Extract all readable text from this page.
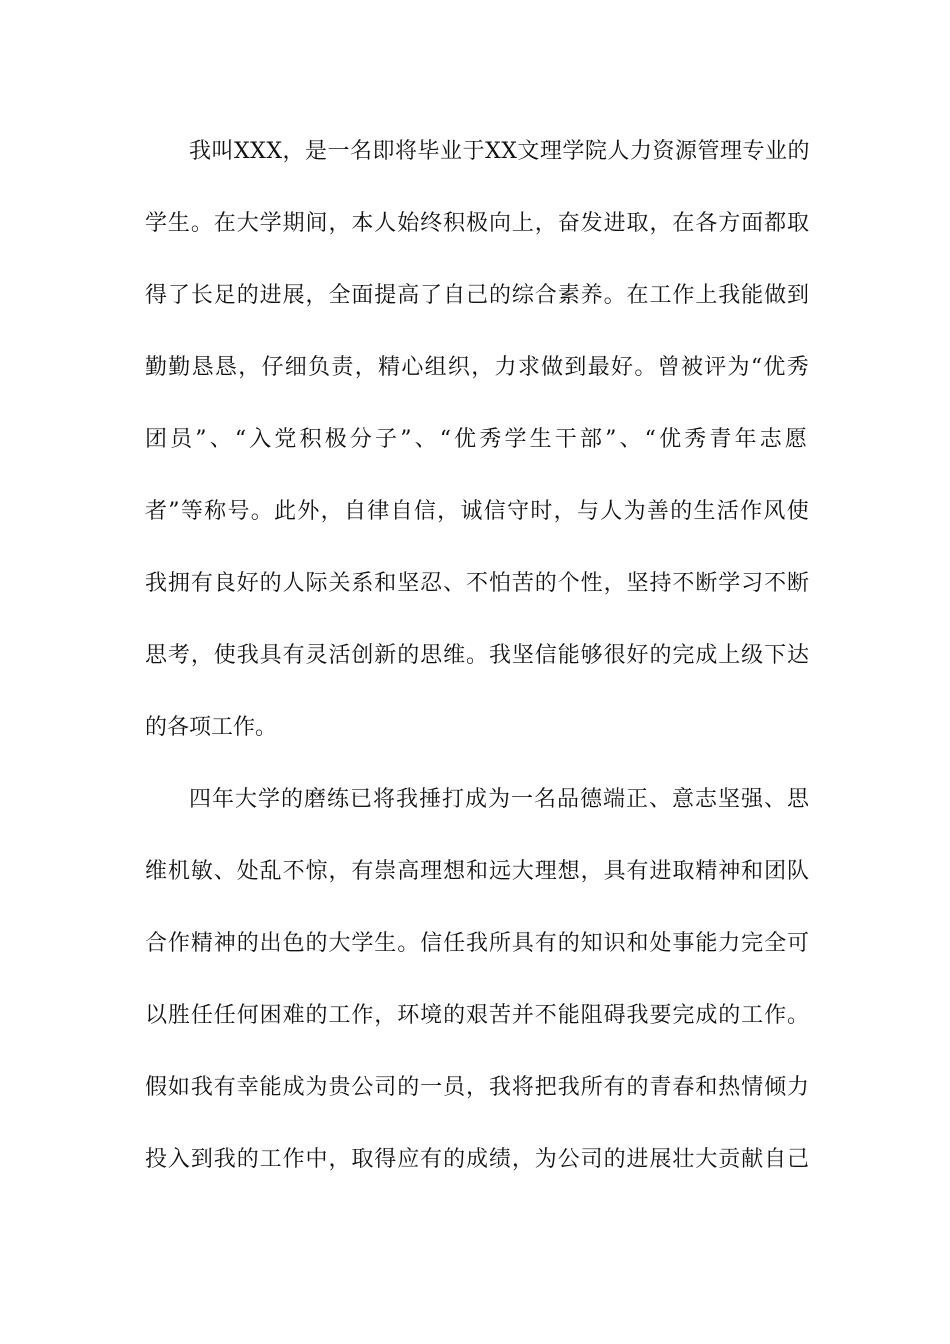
我叫XXX，是一名即将毕业于XX文理学院人力资源管理专业的
学生。在大学期间，本人始终积极向上，奋发进取，在各方面都取
得了长足的进展，全面提高了自己的综合素养。在工作上我能做到
勤勤恳恳，仔细负责，精心组织，力求做到最好。曾被评为“优秀
团员”、“入党积极分子”、“优秀学生干部”、“优秀青年志愿
者”等称号。此外，自律自信，诚信守时，与人为善的生活作风使
我拥有良好的人际关系和坚忍、不怕苦的个性，坚持不断学习不断
思考，使我具有灵活创新的思维。我坚信能够很好的完成上级下达
的各项工作。
四年大学的磨练已将我捶打成为一名品德端正、意志坚强、思
维机敏、处乱不惊，有崇高理想和远大理想，具有进取精神和团队
合作精神的出色的大学生。信任我所具有的知识和处事能力完全可
以胜任任何困难的工作，环境的艰苦并不能阻碍我要完成的工作。
假如我有幸能成为贵公司的一员，我将把我所有的青春和热情倾力
投入到我的工作中，取得应有的成绩，为公司的进展壮大贡献自己
